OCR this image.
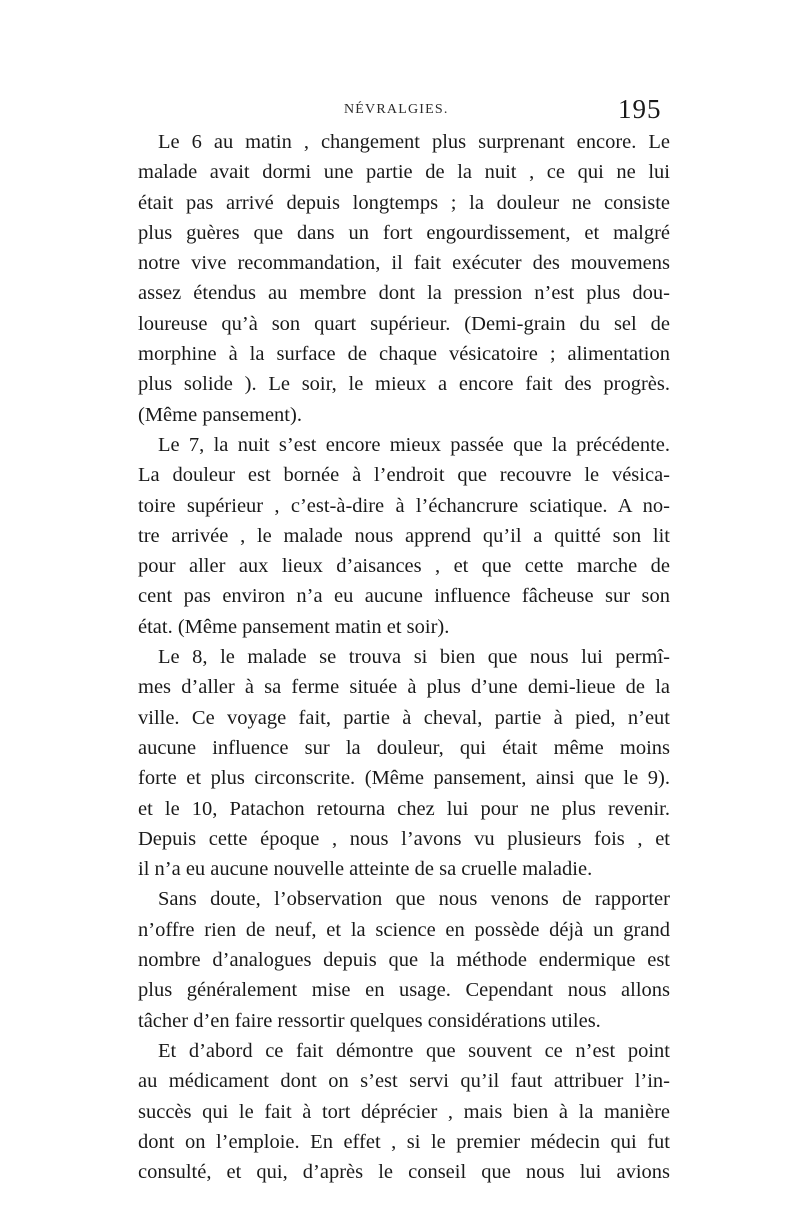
NÉVRALGIES.	195
Le 6 au matin , changement plus surprenant encore. Le
malade avait dormi une partie de la nuit , ce qui ne lui
était pas arrivé depuis longtemps ; la douleur ne consiste
plus guères que dans un fort engourdissement, et malgré
notre vive recommandation, il fait exécuter des mouvemens
assez étendus au membre dont la pression n’est plus dou-
loureuse qu’à son quart supérieur. (Demi-grain du sel de
morphine à la surface de chaque vésicatoire ; alimentation
plus solide ). Le soir, le mieux a encore fait des progrès.
(Même pansement).
Le 7, la nuit s’est encore mieux passée que la précédente.
La douleur est bornée à l’endroit que recouvre le vésica-
toire supérieur , c’est-à-dire à l’échancrure sciatique. A no-
tre arrivée , le malade nous apprend qu’il a quitté son lit
pour aller aux lieux d’aisances , et que cette marche de
cent pas environ n’a eu aucune influence fâcheuse sur son
état. (Même pansement matin et soir).
Le 8, le malade se trouva si bien que nous lui permî-
mes d’aller à sa ferme située à plus d’une demi-lieue de la
ville. Ce voyage fait, partie à cheval, partie à pied, n’eut
aucune influence sur la douleur, qui était même moins
forte et plus circonscrite. (Même pansement, ainsi que le 9).
et le 10, Patachon retourna chez lui pour ne plus revenir.
Depuis cette époque , nous l’avons vu plusieurs fois , et
il n’a eu aucune nouvelle atteinte de sa cruelle maladie.
Sans doute, l’observation que nous venons de rapporter
n’offre rien de neuf, et la science en possède déjà un grand
nombre d’analogues depuis que la méthode endermique est
plus généralement mise en usage. Cependant nous allons
tâcher d’en faire ressortir quelques considérations utiles.
Et d’abord ce fait démontre que souvent ce n’est point
au médicament dont on s’est servi qu’il faut attribuer l’in-
succès qui le fait à tort déprécier , mais bien à la manière
dont on l’emploie. En effet , si le premier médecin qui fut
consulté, et qui, d’après le conseil que nous lui avions
